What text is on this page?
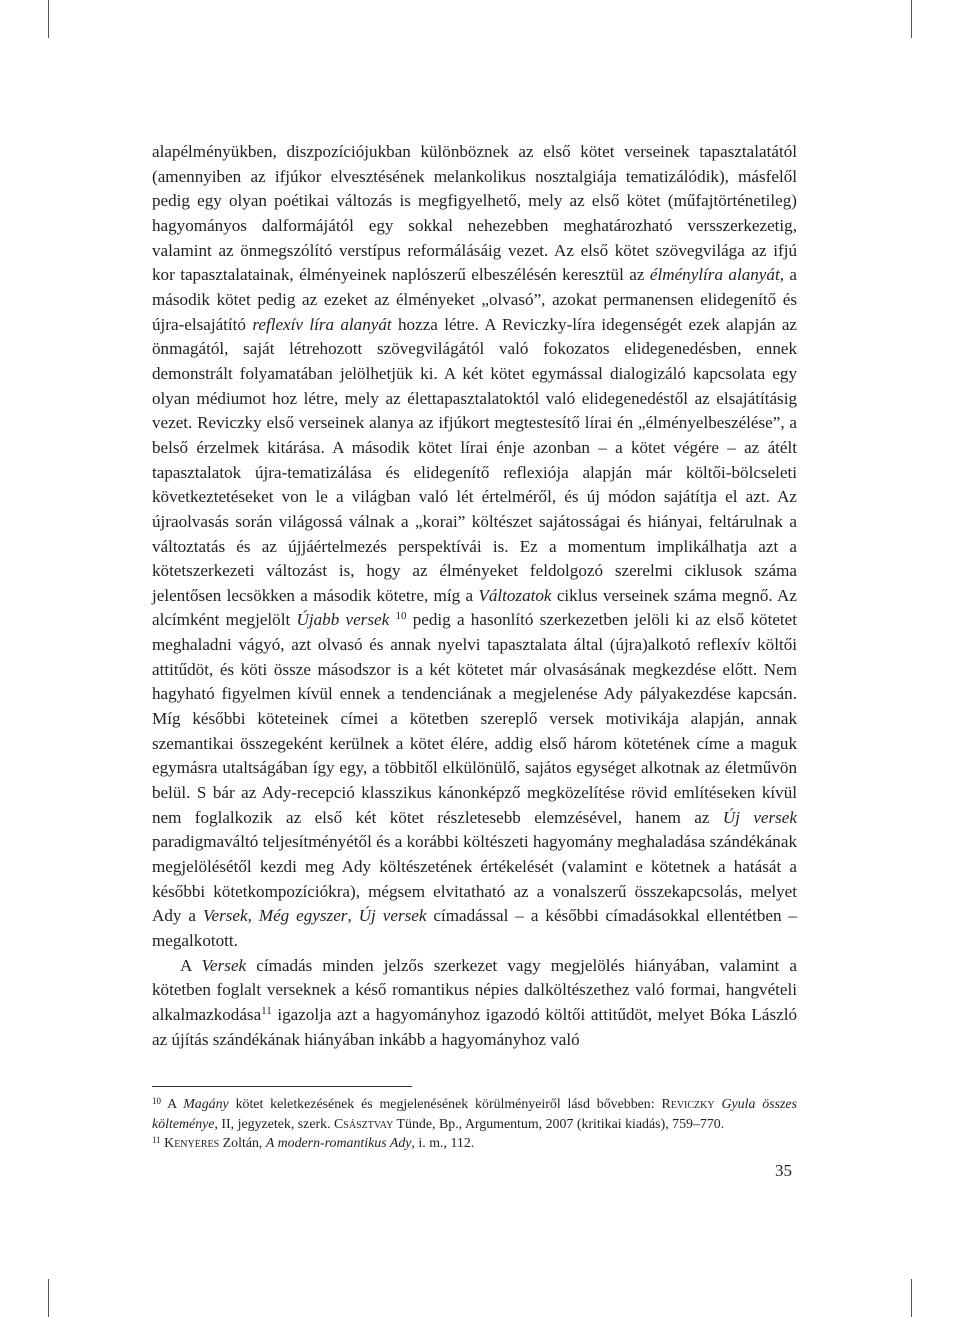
alapélményükben, diszpozíciójukban különböznek az első kötet verseinek tapasztalatától (amennyiben az ifjúkor elvesztésének melankolikus nosztalgiája tematizálódik), másfelől pedig egy olyan poétikai változás is megfigyelhető, mely az első kötet (műfajtörténetileg) hagyományos dalformájától egy sokkal nehezebben meghatározható versszerkezetig, valamint az önmegszólító verstípus reformálásáig vezet. Az első kötet szövegvilága az ifjú kor tapasztalatainak, élményeinek naplószerű elbeszélésén keresztül az élménylíra alanyát, a második kötet pedig az ezeket az élményeket „olvasó”, azokat permanensen elidegenítő és újra-elsajátító reflexív líra alanyát hozza létre. A Reviczky-líra idegenségét ezek alapján az önmagától, saját létrehozott szövegvilágától való fokozatos elidegenedésben, ennek demonstrált folyamatában jelölhetjük ki. A két kötet egymással dialogizáló kapcsolata egy olyan médiumot hoz létre, mely az élettapasztalatoktól való elidegenedéstől az elsajátításig vezet. Reviczky első verseinek alanya az ifjúkort megtestesítő lírai én „élményelbeszélése”, a belső érzelmek kitárása. A második kötet lírai énje azonban – a kötet végére – az átélt tapasztalatok újra-tematizálása és elidegenítő reflexiója alapján már költői-bölcseleti következtetéseket von le a világban való lét értelméről, és új módon sajátítja el azt. Az újraolvasás során világossá válnak a „korai” költészet sajátosságai és hiányai, feltárulnak a változtatás és az újjáértelmezés perspektívái is. Ez a momentum implikálhatja azt a kötetszerkezeti változást is, hogy az élményeket feldolgozó szerelmi ciklusok száma jelentősen lecsökken a második kötetre, míg a Változatok ciklus verseinek száma megnő. Az alcímként megjelölt Újabb versek $^{10}$ pedig a hasonlító szerkezetben jelöli ki az első kötetet meghaladni vágyó, azt olvasó és annak nyelvi tapasztalata által (újra)alkotó reflexív költői attitűdöt, és köti össze másodszor is a két kötetet már olvasásának megkezdése előtt. Nem hagyható figyelmen kívül ennek a tendenciának a megjelenése Ady pályakezdése kapcsán. Míg későbbi köteteinek címei a kötetben szereplő versek motivikája alapján, annak szemantikai összegeként kerülnek a kötet élére, addig első három kötetének címe a maguk egymásra utaltságában így egy, a többitől elkülönülő, sajátos egységet alkotnak az életművön belül. S bár az Ady-recepció klasszikus kánonképző megközelítése rövid említéseken kívül nem foglalkozik az első két kötet részletesebb elemzésével, hanem az Új versek paradigmaváltó teljesítményétől és a korábbi költészeti hagyomány meghaladása szándékának megjelölésétől kezdi meg Ady költészetének értékelését (valamint e kötetnek a hatását a későbbi kötetkompozíciókra), mégsem elvitatható az a vonalszerű összekapcsolás, melyet Ady a Versek, Még egyszer, Új versek címadással – a későbbi címadásokkal ellentétben – megalkotott.

A Versek címadás minden jelzős szerkezet vagy megjelölés hiányában, valamint a kötetben foglalt verseknek a késő romantikus népies dalköltészethez való formai, hangvételi alkalmazkodása$^{11}$ igazolja azt a hagyományhoz igazodó költői attitűdöt, melyet Bóka László az újítás szándékának hiányában inkább a hagyományhoz való

$^{10}$ A Magány kötet keletkezésének és megjelenésének körülményeiről lásd bővebben: Reviczky Gyula összes költeménye, II, jegyzetek, szerk. Császtvay Tünde, Bp., Argumentum, 2007 (kritikai kiadás), 759–770.

$^{11}$ Kenyeres Zoltán, A modern-romantikus Ady, i. m., 112.

35
